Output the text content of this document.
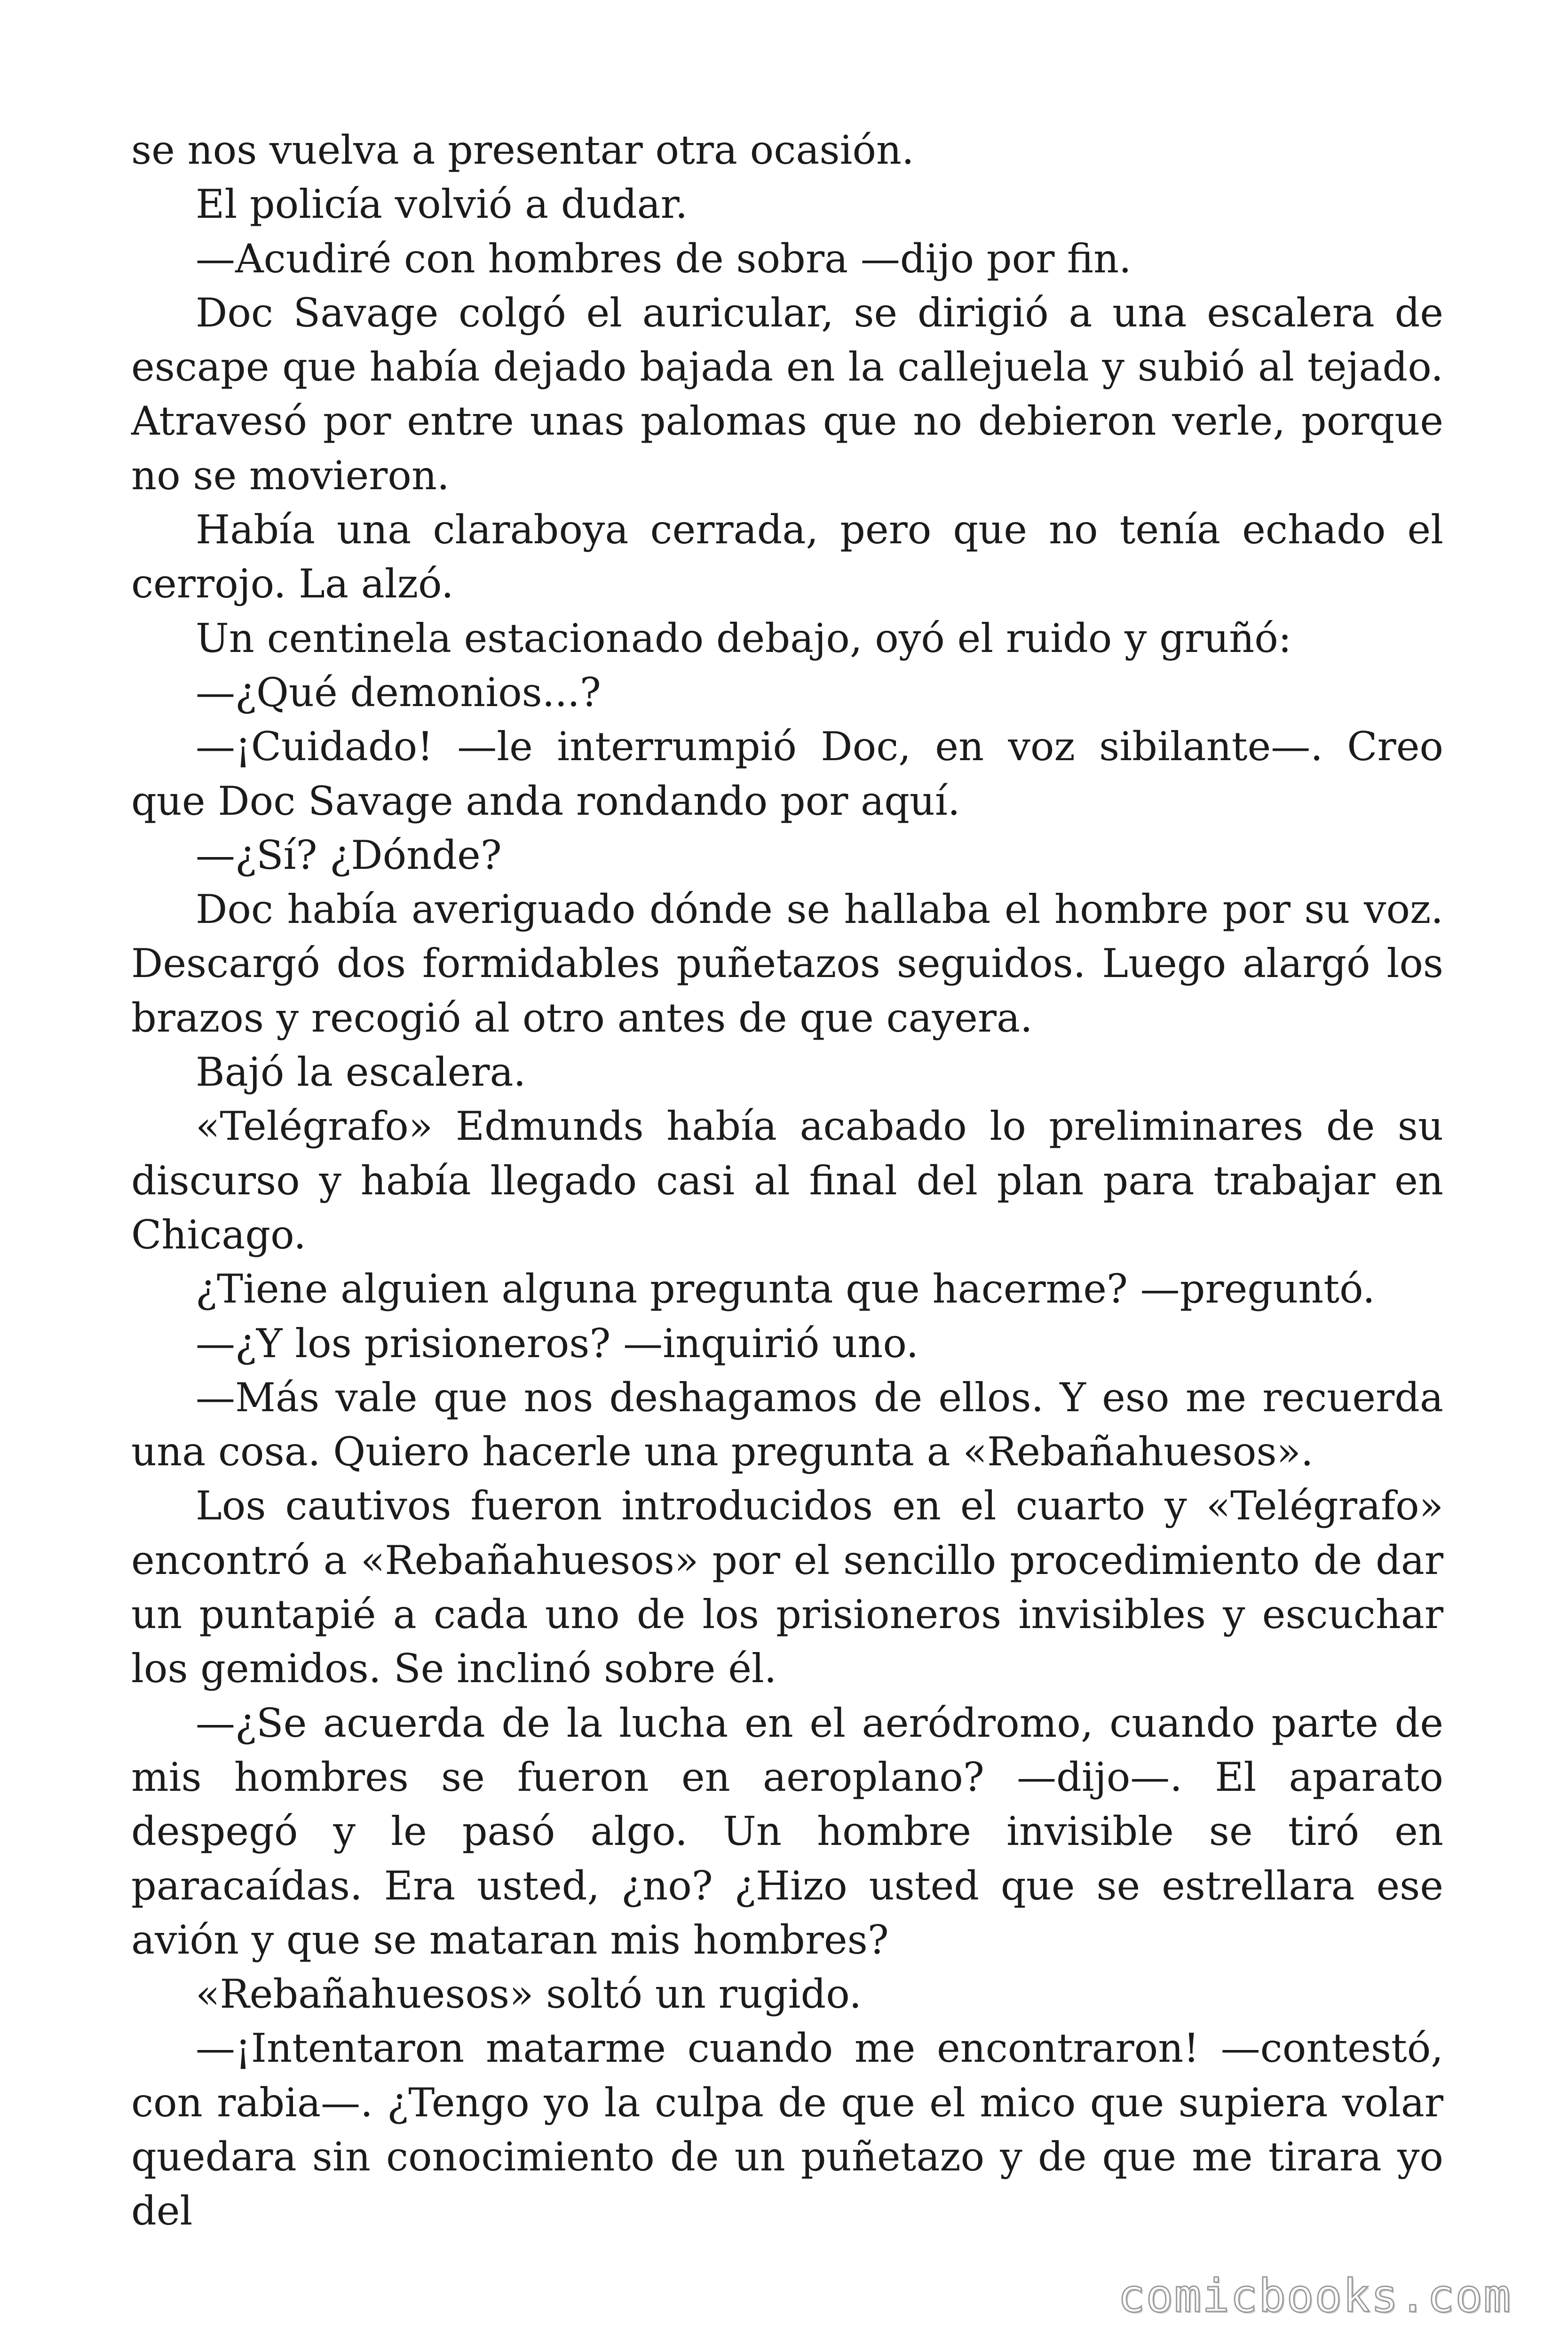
se nos vuelva a presentar otra ocasión.

El policía volvió a dudar.

—Acudiré con hombres de sobra —dijo por fin.

Doc Savage colgó el auricular, se dirigió a una escalera de escape que había dejado bajada en la callejuela y subió al tejado. Atravesó por entre unas palomas que no debieron verle, porque no se movieron.

Había una claraboya cerrada, pero que no tenía echado el cerrojo. La alzó.

Un centinela estacionado debajo, oyó el ruido y gruñó:

—¿Qué demonios...?

—¡Cuidado! —le interrumpió Doc, en voz sibilante—. Creo que Doc Savage anda rondando por aquí.

—¿Sí? ¿Dónde?

Doc había averiguado dónde se hallaba el hombre por su voz. Descargó dos formidables puñetazos seguidos. Luego alargó los brazos y recogió al otro antes de que cayera.

Bajó la escalera.

«Telégrafo» Edmunds había acabado lo preliminares de su discurso y había llegado casi al final del plan para trabajar en Chicago.

¿Tiene alguien alguna pregunta que hacerme? —preguntó.

—¿Y los prisioneros? —inquirió uno.

—Más vale que nos deshagamos de ellos. Y eso me recuerda una cosa. Quiero hacerle una pregunta a «Rebañahuesos».

Los cautivos fueron introducidos en el cuarto y «Telégrafo» encontró a «Rebañahuesos» por el sencillo procedimiento de dar un puntapié a cada uno de los prisioneros invisibles y escuchar los gemidos. Se inclinó sobre él.

—¿Se acuerda de la lucha en el aeródromo, cuando parte de mis hombres se fueron en aeroplano? —dijo—. El aparato despegó y le pasó algo. Un hombre invisible se tiró en paracaídas. Era usted, ¿no? ¿Hizo usted que se estrellara ese avión y que se mataran mis hombres?

«Rebañahuesos» soltó un rugido.

—¡Intentaron matarme cuando me encontraron! —contestó, con rabia—. ¿Tengo yo la culpa de que el mico que supiera volar quedara sin conocimiento de un puñetazo y de que me tirara yo del

comicbooks.com
